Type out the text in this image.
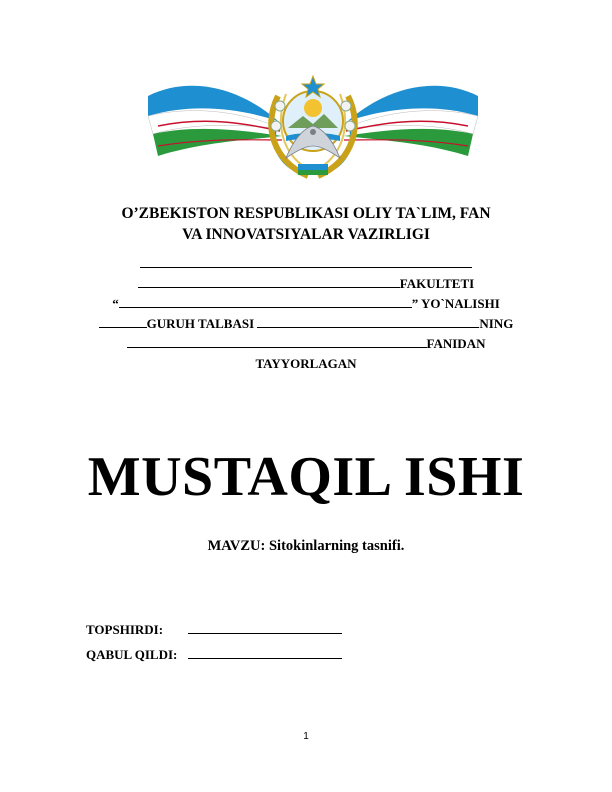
O’ZBEKISTON RESPUBLIKASI OLIY TA`LIM, FAN
VA INNOVATSIYALAR VAZIRLIGI
FAKULTETI
“	” YO`NALISHI
GURUH TALBASI	NING
FANIDAN
TAYYORLAGAN
MUSTAQIL ISHI
MAVZU: Sitokinlarning tasnifi.
TOPSHIRDI:
QABUL QILDI:
1
